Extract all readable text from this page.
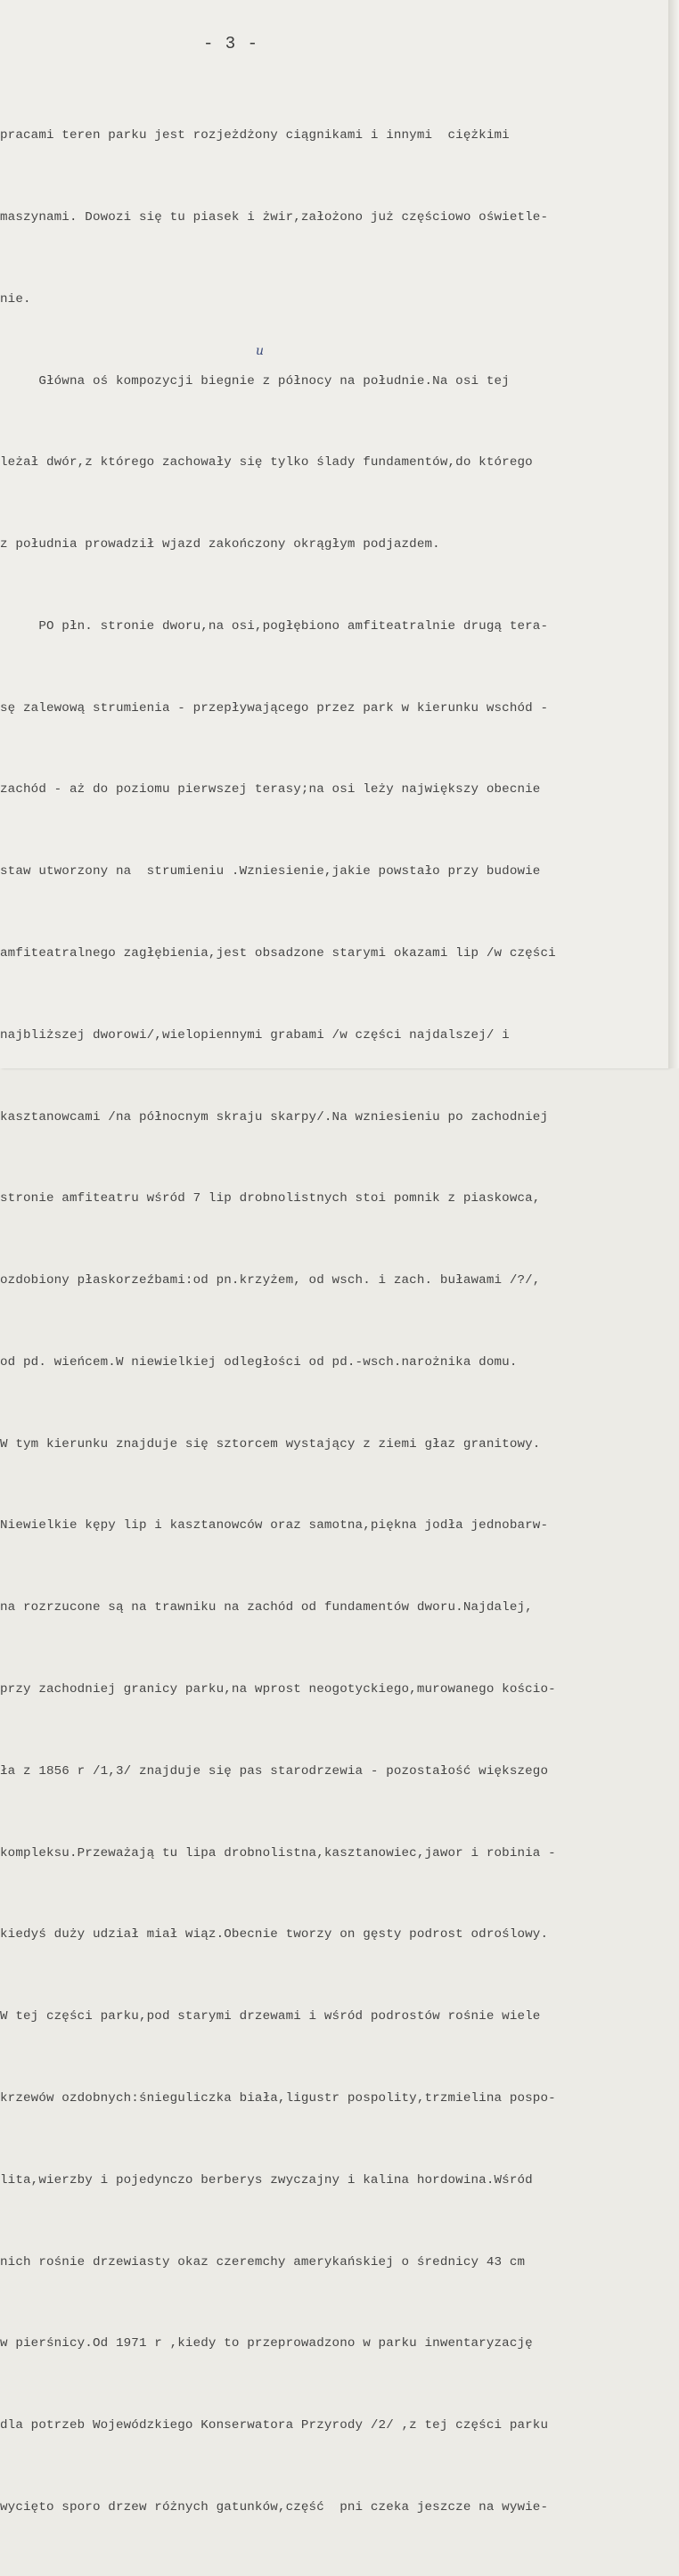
- 3 -

pracami teren parku jest rozjeżdżony ciągnikami i innymi  ciężkimi

maszynami. Dowozi się tu piasek i żwir,założono już częściowo oświetle-

nie.

Główna oś kompozycji biegnie z północy na południe.Na osi tej

leżał dwór,z którego zachowały się tylko ślady fundamentów,do którego

z południa prowadził wjazd zakończony okrągłym podjazdem.

PO płn. stronie dworu,na osi,pogłębiono amfiteatralnie drugą tera-

sę zalewową strumienia - przepływającego przez park w kierunku wschód -

zachód - aż do poziomu pierwszej terasy;na osi leży największy obecnie

staw utworzony na  strumieniu .Wzniesienie,jakie powstało przy budowie

amfiteatralnego zagłębienia,jest obsadzone starymi okazami lip /w części

najbliższej dworowi/,wielopiennymi grabami /w części najdalszej/ i

kasztanowcami /na północnym skraju skarpy/.Na wzniesieniu po zachodniej

stronie amfiteatru wśród 7 lip drobnolistnych stoi pomnik z piaskowca,

ozdobiony płaskorzeźbami:od pn.krzyżem, od wsch. i zach. buławami /?/,

od pd. wieńcem.W niewielkiej odległości od pd.-wsch.narożnika domu.

W tym kierunku znajduje się sztorcem wystający z ziemi głaz granitowy.

Niewielkie kępy lip i kasztanowców oraz samotna,piękna jodła jednobarw-

na rozrzucone są na trawniku na zachód od fundamentów dworu.Najdalej,

przy zachodniej granicy parku,na wprost neogotyckiego,murowanego kościo-

ła z 1856 r /1,3/ znajduje się pas starodrzewia - pozostałość większego

kompleksu.Przeważają tu lipa drobnolistna,kasztanowiec,jawor i robinia -

kiedyś duży udział miał wiąz.Obecnie tworzy on gęsty podrost odroślowy.

W tej części parku,pod starymi drzewami i wśród podrostów rośnie wiele

krzewów ozdobnych:śnieguliczka biała,ligustr pospolity,trzmielina pospo-

lita,wierzby i pojedynczo berberys zwyczajny i kalina hordowina.Wśród

nich rośnie drzewiasty okaz czeremchy amerykańskiej o średnicy 43 cm

w pierśnicy.Od 1971 r ,kiedy to przeprowadzono w parku inwentaryzację

dla potrzeb Wojewódzkiego Konserwatora Przyrody /2/ ,z tej części parku

wycięto sporo drzew różnych gatunków,część  pni czeka jeszcze na wywie-

u
